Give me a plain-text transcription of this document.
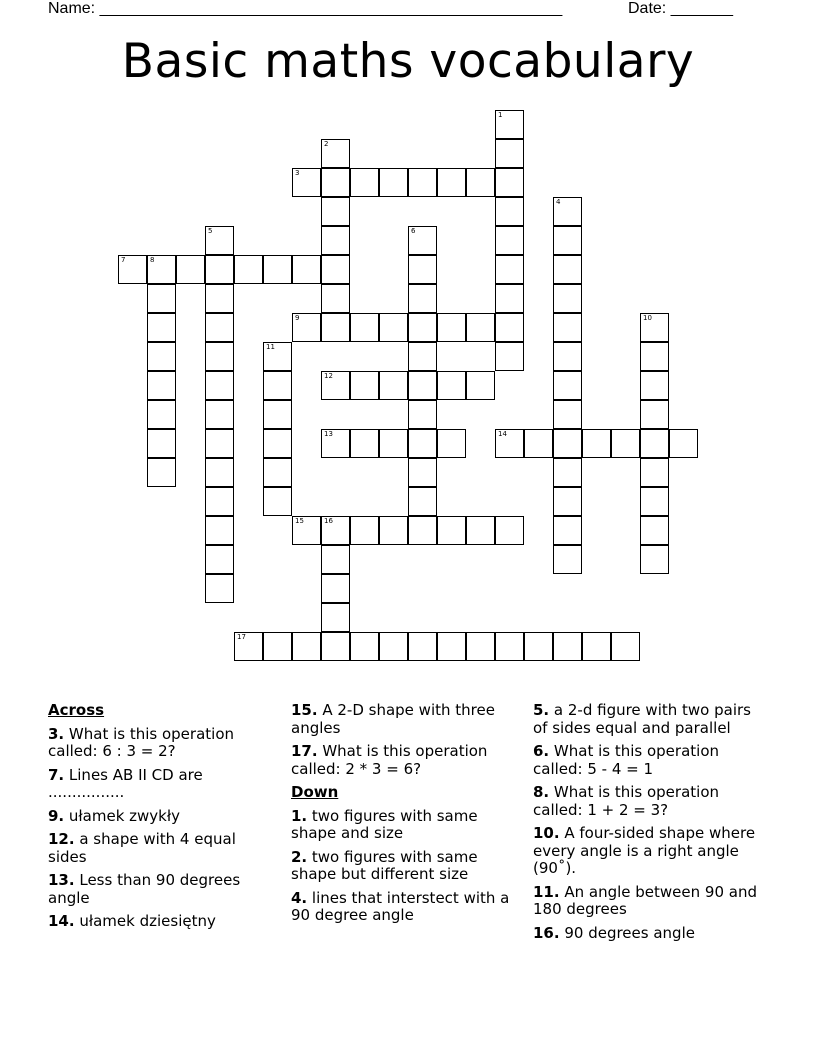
Name: ____________________________________________________	Date: _______
Basic maths vocabulary
1
2
3
4
5	6
7	8
9	10
11
12
13	14
15	16
17
Across
3. What is this operation called: 6 : 3 = 2?
7. Lines AB II CD are ................
9. ułamek zwykły
12. a shape with 4 equal sides
13. Less than 90 degrees angle
14. ułamek dziesiętny
15. A 2-D shape with three angles
17. What is this operation called: 2 * 3 = 6?
Down
1. two figures with same shape and size
2. two figures with same shape but different size
4. lines that interstect with a 90 degree angle
5. a 2-d figure with two pairs of sides equal and parallel
6. What is this operation called: 5 - 4 = 1
8. What is this operation called: 1 + 2 = 3?
10. A four-sided shape where every angle is a right angle (90˚).
11. An angle between 90 and 180 degrees
16. 90 degrees angle
